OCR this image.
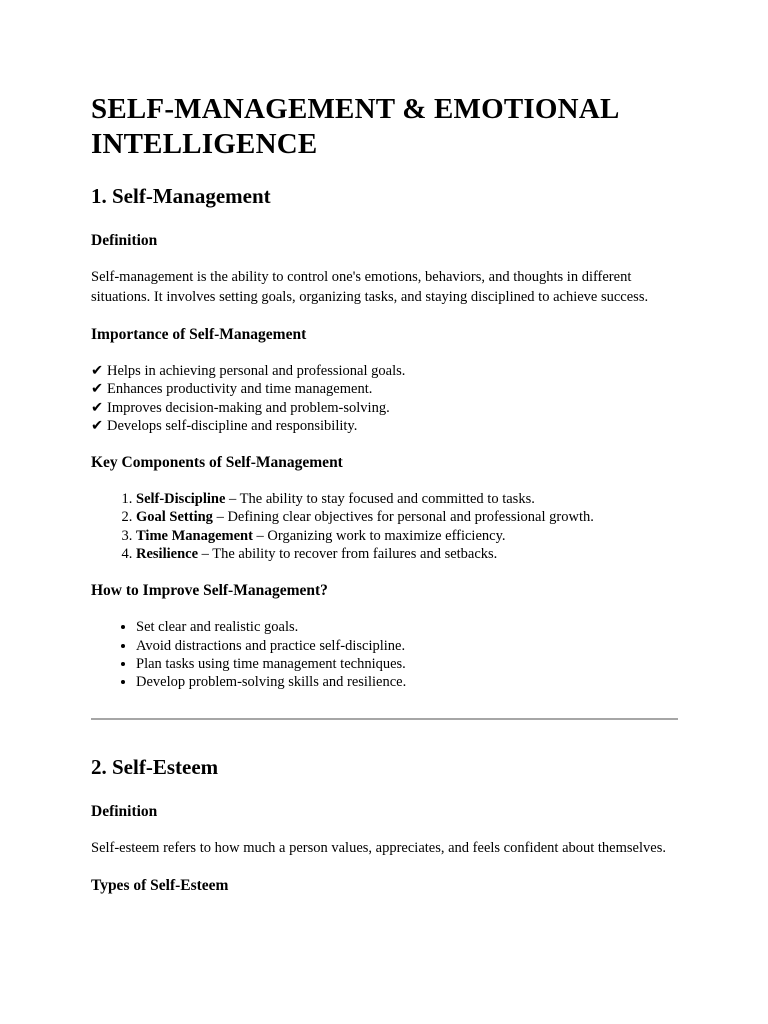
SELF-MANAGEMENT & EMOTIONAL INTELLIGENCE
1. Self-Management
Definition

Self-management is the ability to control one's emotions, behaviors, and thoughts in different situations. It involves setting goals, organizing tasks, and staying disciplined to achieve success.

Importance of Self-Management
✔ Helps in achieving personal and professional goals.
✔ Enhances productivity and time management.
✔ Improves decision-making and problem-solving.
✔ Develops self-discipline and responsibility.
Key Components of Self-Management
1. Self-Discipline – The ability to stay focused and committed to tasks.
2. Goal Setting – Defining clear objectives for personal and professional growth.
3. Time Management – Organizing work to maximize efficiency.
4. Resilience – The ability to recover from failures and setbacks.
How to Improve Self-Management?
• Set clear and realistic goals.
• Avoid distractions and practice self-discipline.
• Plan tasks using time management techniques.
• Develop problem-solving skills and resilience.
2. Self-Esteem
Definition

Self-esteem refers to how much a person values, appreciates, and feels confident about themselves.

Types of Self-Esteem
